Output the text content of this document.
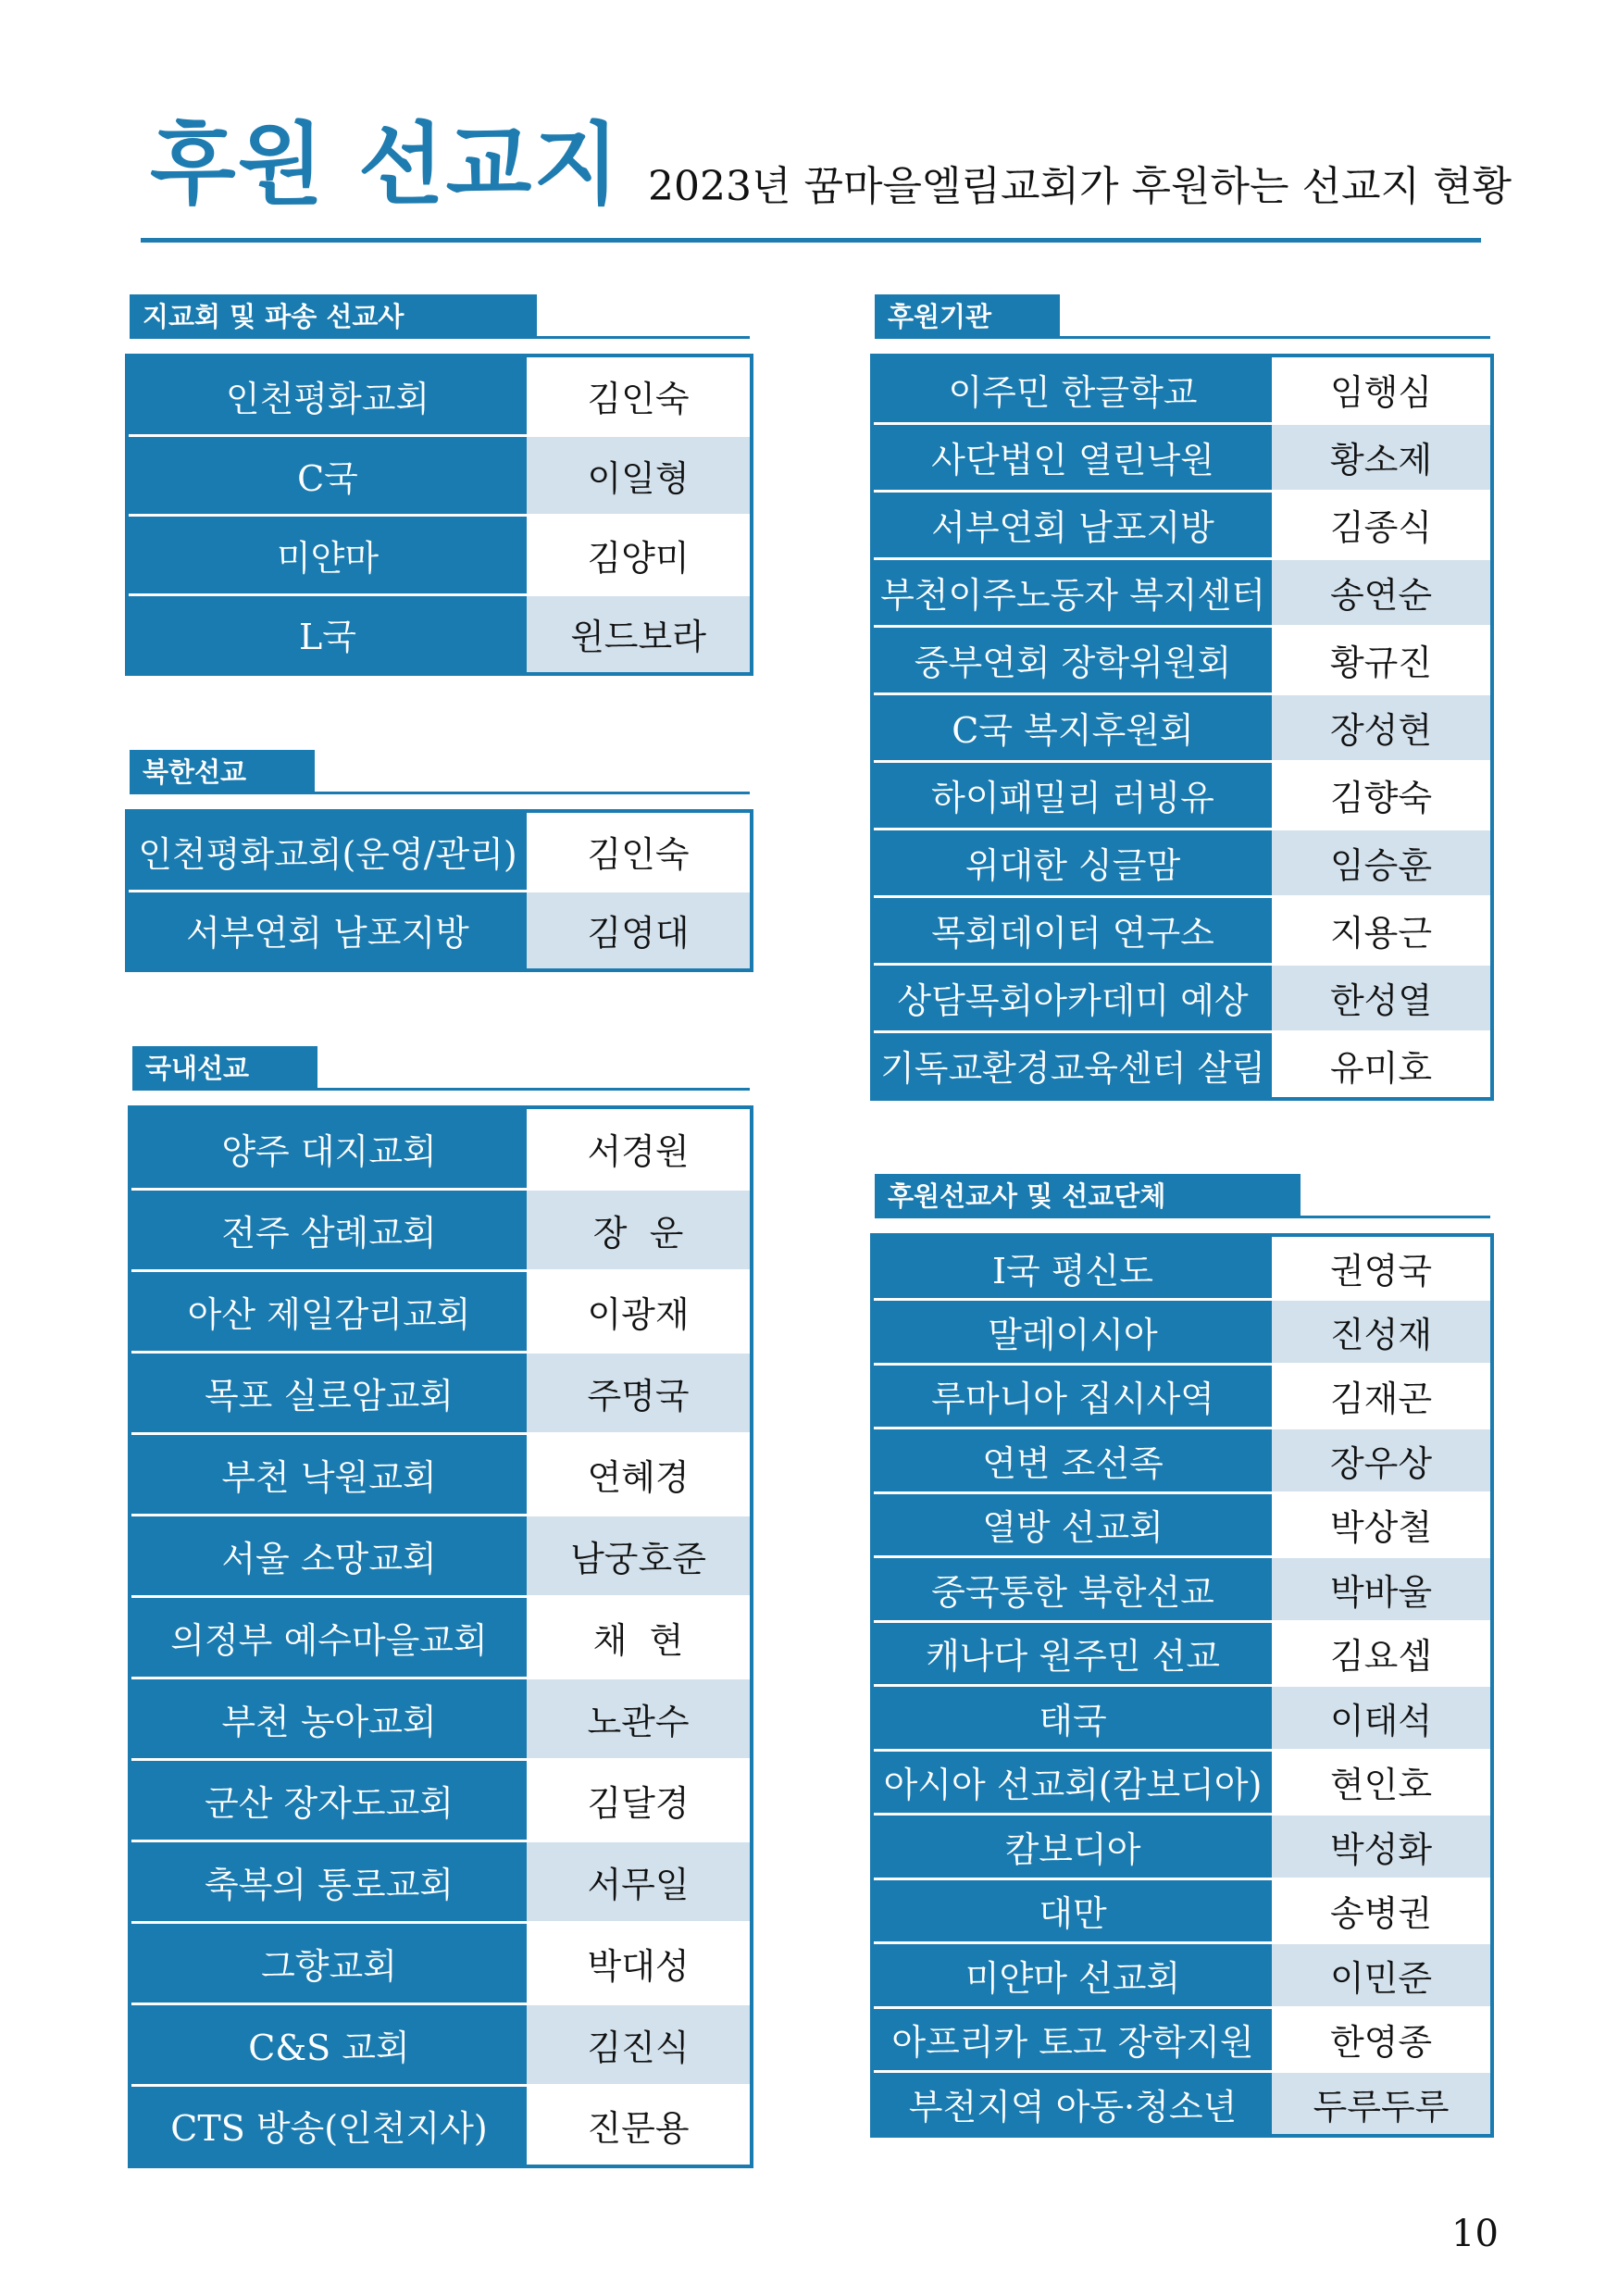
후원 선교지 2023년 꿈마을엘림교회가 후원하는 선교지 현황
지교회 및 파송 선교사
인천평화교회	김인숙
C국	이일형
미얀마	김양미
L국	윈드보라
북한선교
인천평화교회(운영/관리)	김인숙
서부연회 남포지방	김영대
국내선교
양주 대지교회	서경원
전주 삼례교회	장  운
아산 제일감리교회	이광재
목포 실로암교회	주명국
부천 낙원교회	연혜경
서울 소망교회	남궁호준
의정부 예수마을교회	채  현
부천 농아교회	노관수
군산 장자도교회	김달경
축복의 통로교회	서무일
그향교회	박대성
C&S 교회	김진식
CTS 방송(인천지사)	진문용
후원기관
이주민 한글학교	임행심
사단법인 열린낙원	황소제
서부연회 남포지방	김종식
부천이주노동자 복지센터	송연순
중부연회 장학위원회	황규진
C국 복지후원회	장성현
하이패밀리 러빙유	김향숙
위대한 싱글맘	임승훈
목회데이터 연구소	지용근
상담목회아카데미 예상	한성열
기독교환경교육센터 살림	유미호
후원선교사 및 선교단체
I국 평신도	권영국
말레이시아	진성재
루마니아 집시사역	김재곤
연변 조선족	장우상
열방 선교회	박상철
중국통한 북한선교	박바울
캐나다 원주민 선교	김요셉
태국	이태석
아시아 선교회(캄보디아)	현인호
캄보디아	박성화
대만	송병권
미얀마 선교회	이민준
아프리카 토고 장학지원	한영종
부천지역 아동·청소년	두루두루
10
